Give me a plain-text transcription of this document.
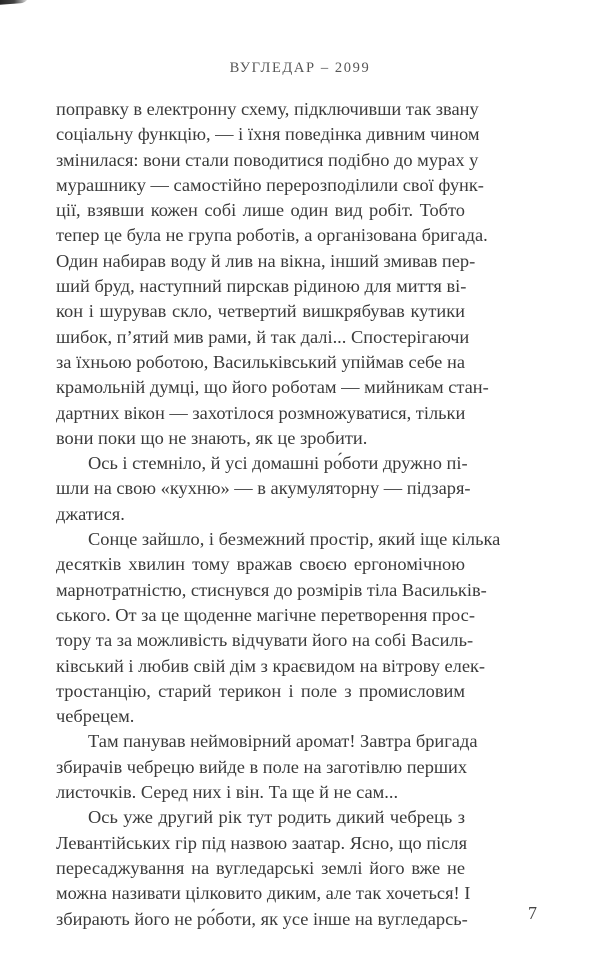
ВУГЛЕДАР – 2099
поправку в електронну схему, підключивши так звану
соціальну функцію, — і їхня поведінка дивним чином
змінилася: вони стали поводитися подібно до мурах у
мурашнику — самостійно перерозподілили свої функ-
ції, взявши кожен собі лише один вид робіт. Тобто
тепер це була не група роботів, а організована бригада.
Один набирав воду й лив на вікна, інший змивав пер-
ший бруд, наступний пирскав рідиною для миття ві-
кон і шурував скло, четвертий вишкрябував кутики
шибок, п’ятий мив рами, й так далі... Спостерігаючи
за їхньою роботою, Васильківський упіймав себе на
крамольній думці, що його роботам — мийникам стан-
дартних вікон — захотілося розмножуватися, тільки
вони поки що не знають, як це зробити.
Ось і стемніло, й усі домашні ро́боти дружно пі-
шли на свою «кухню» — в акумуляторну — підзаря-
джатися.
Сонце зайшло, і безмежний простір, який іще кілька
десятків хвилин тому вражав своєю ергономічною
марнотратністю, стиснувся до розмірів тіла Васильків-
ського. От за це щоденне магічне перетворення прос-
тору та за можливість відчувати його на собі Василь-
ківський і любив свій дім з краєвидом на вітрову елек-
тростанцію, старий терикон і поле з промисловим
чебрецем.
Там панував неймовірний аромат! Завтра бригада
збирачів чебрецю вийде в поле на заготівлю перших
листочків. Серед них і він. Та ще й не сам...
Ось уже другий рік тут родить дикий чебрець з
Левантійських гір під назвою заатар. Ясно, що після
пересаджування на вугледарські землі його вже не
можна називати цілковито диким, але так хочеться! І
збирають його не ро́боти, як усе інше на вугледарсь-	7
